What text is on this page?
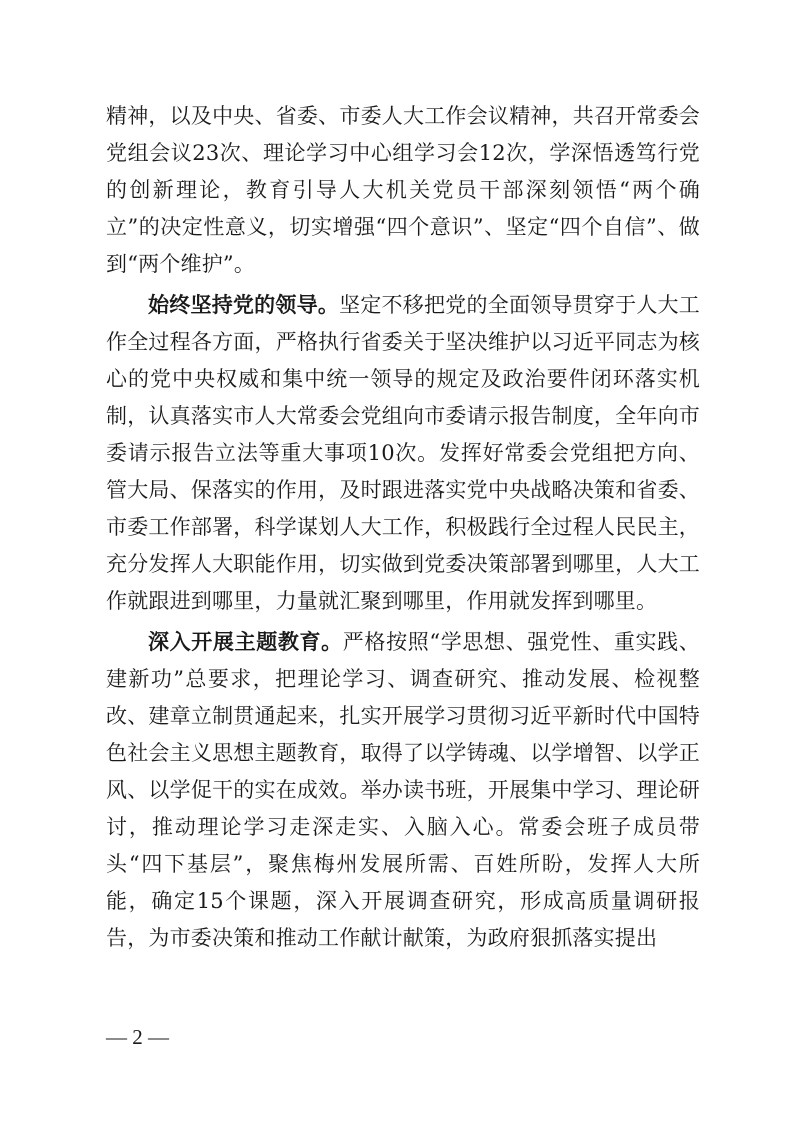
精神，以及中央、省委、市委人大工作会议精神，共召开常委会党组会议23次、理论学习中心组学习会12次，学深悟透笃行党的创新理论，教育引导人大机关党员干部深刻领悟“两个确立”的决定性意义，切实增强“四个意识”、坚定“四个自信”、做到“两个维护”。

始终坚持党的领导。坚定不移把党的全面领导贯穿于人大工作全过程各方面，严格执行省委关于坚决维护以习近平同志为核心的党中央权威和集中统一领导的规定及政治要件闭环落实机制，认真落实市人大常委会党组向市委请示报告制度，全年向市委请示报告立法等重大事项10次。发挥好常委会党组把方向、管大局、保落实的作用，及时跟进落实党中央战略决策和省委、市委工作部署，科学谋划人大工作，积极践行全过程人民民主，充分发挥人大职能作用，切实做到党委决策部署到哪里，人大工作就跟进到哪里，力量就汇聚到哪里，作用就发挥到哪里。

深入开展主题教育。严格按照“学思想、强党性、重实践、建新功”总要求，把理论学习、调查研究、推动发展、检视整改、建章立制贯通起来，扎实开展学习贯彻习近平新时代中国特色社会主义思想主题教育，取得了以学铸魂、以学增智、以学正风、以学促干的实在成效。举办读书班，开展集中学习、理论研讨，推动理论学习走深走实、入脑入心。常委会班子成员带头“四下基层”，聚焦梅州发展所需、百姓所盼，发挥人大所能，确定15个课题，深入开展调查研究，形成高质量调研报告，为市委决策和推动工作献计献策，为政府狠抓落实提出

— 2 —
